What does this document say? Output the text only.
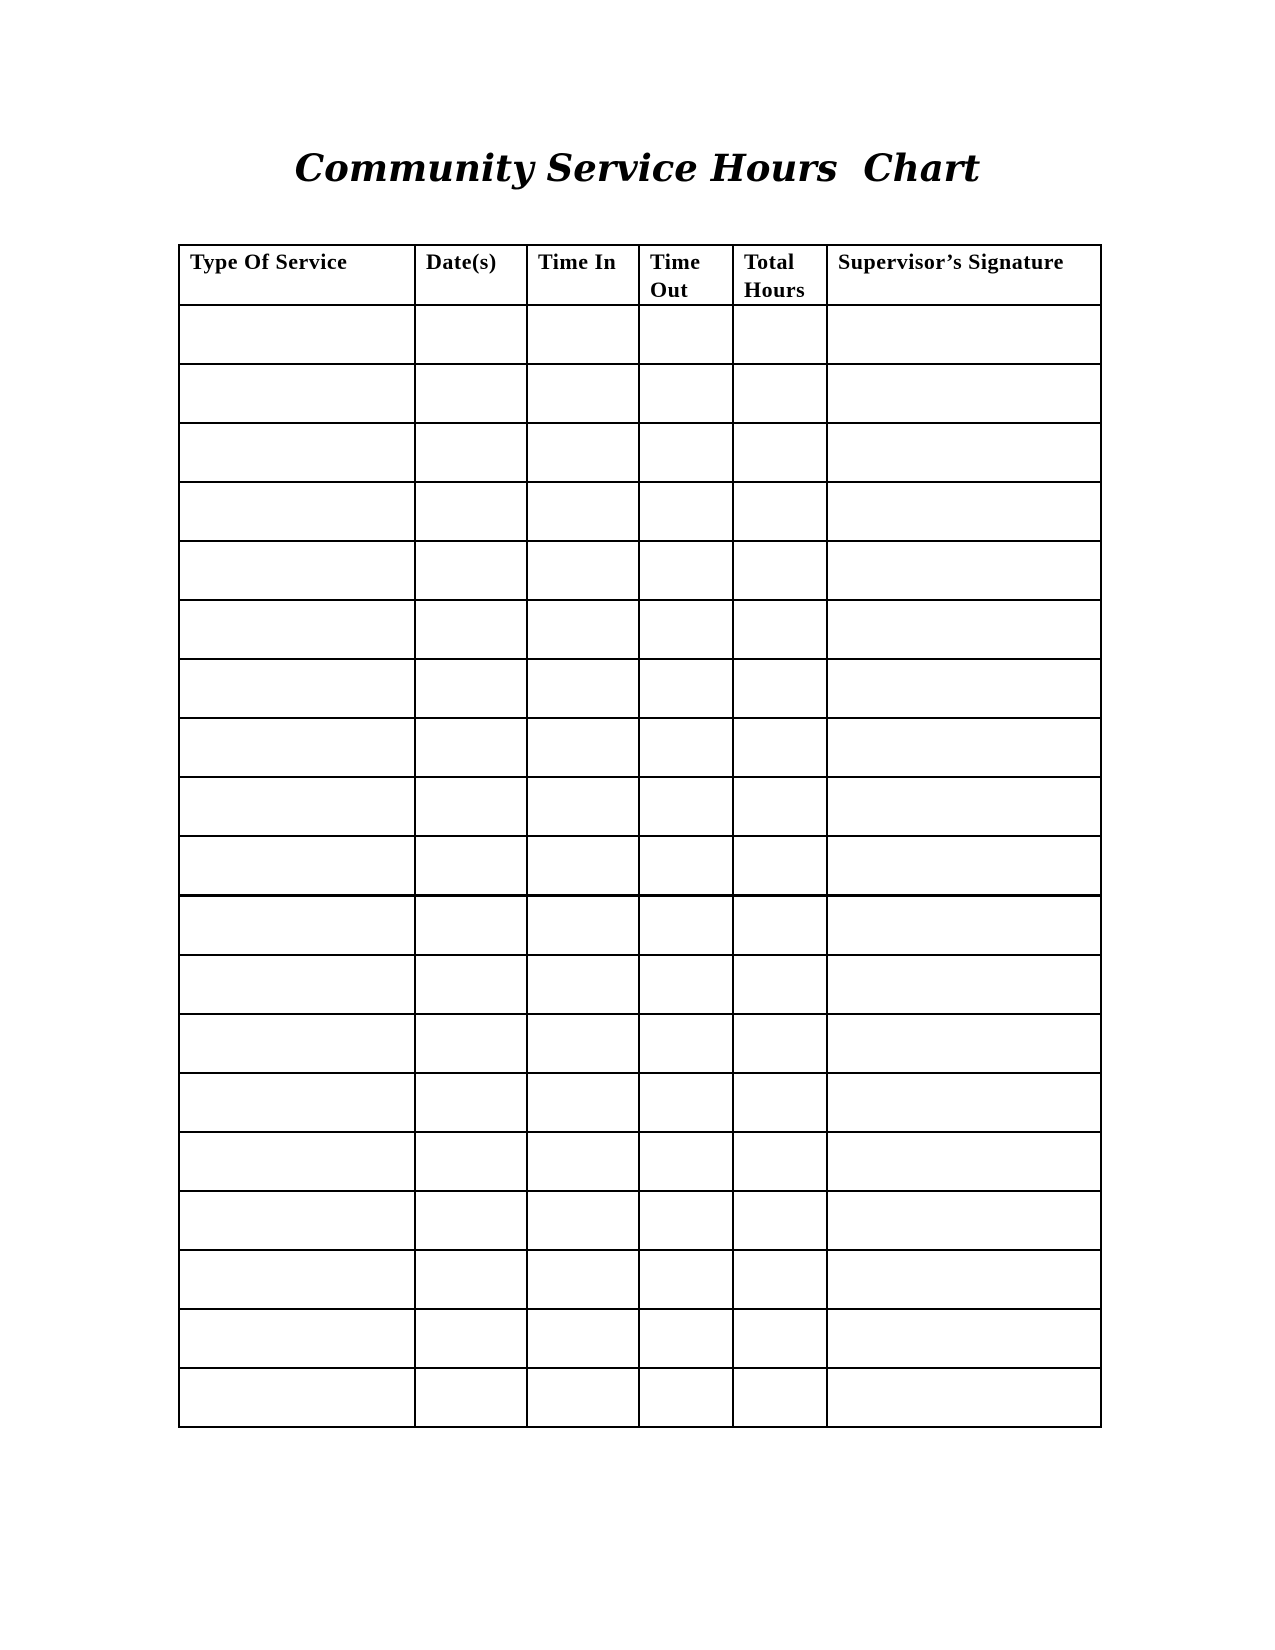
Community Service Hours  Chart
Type Of Service	Date(s)	Time In	Time Out	Total Hours	Supervisor’s Signature
